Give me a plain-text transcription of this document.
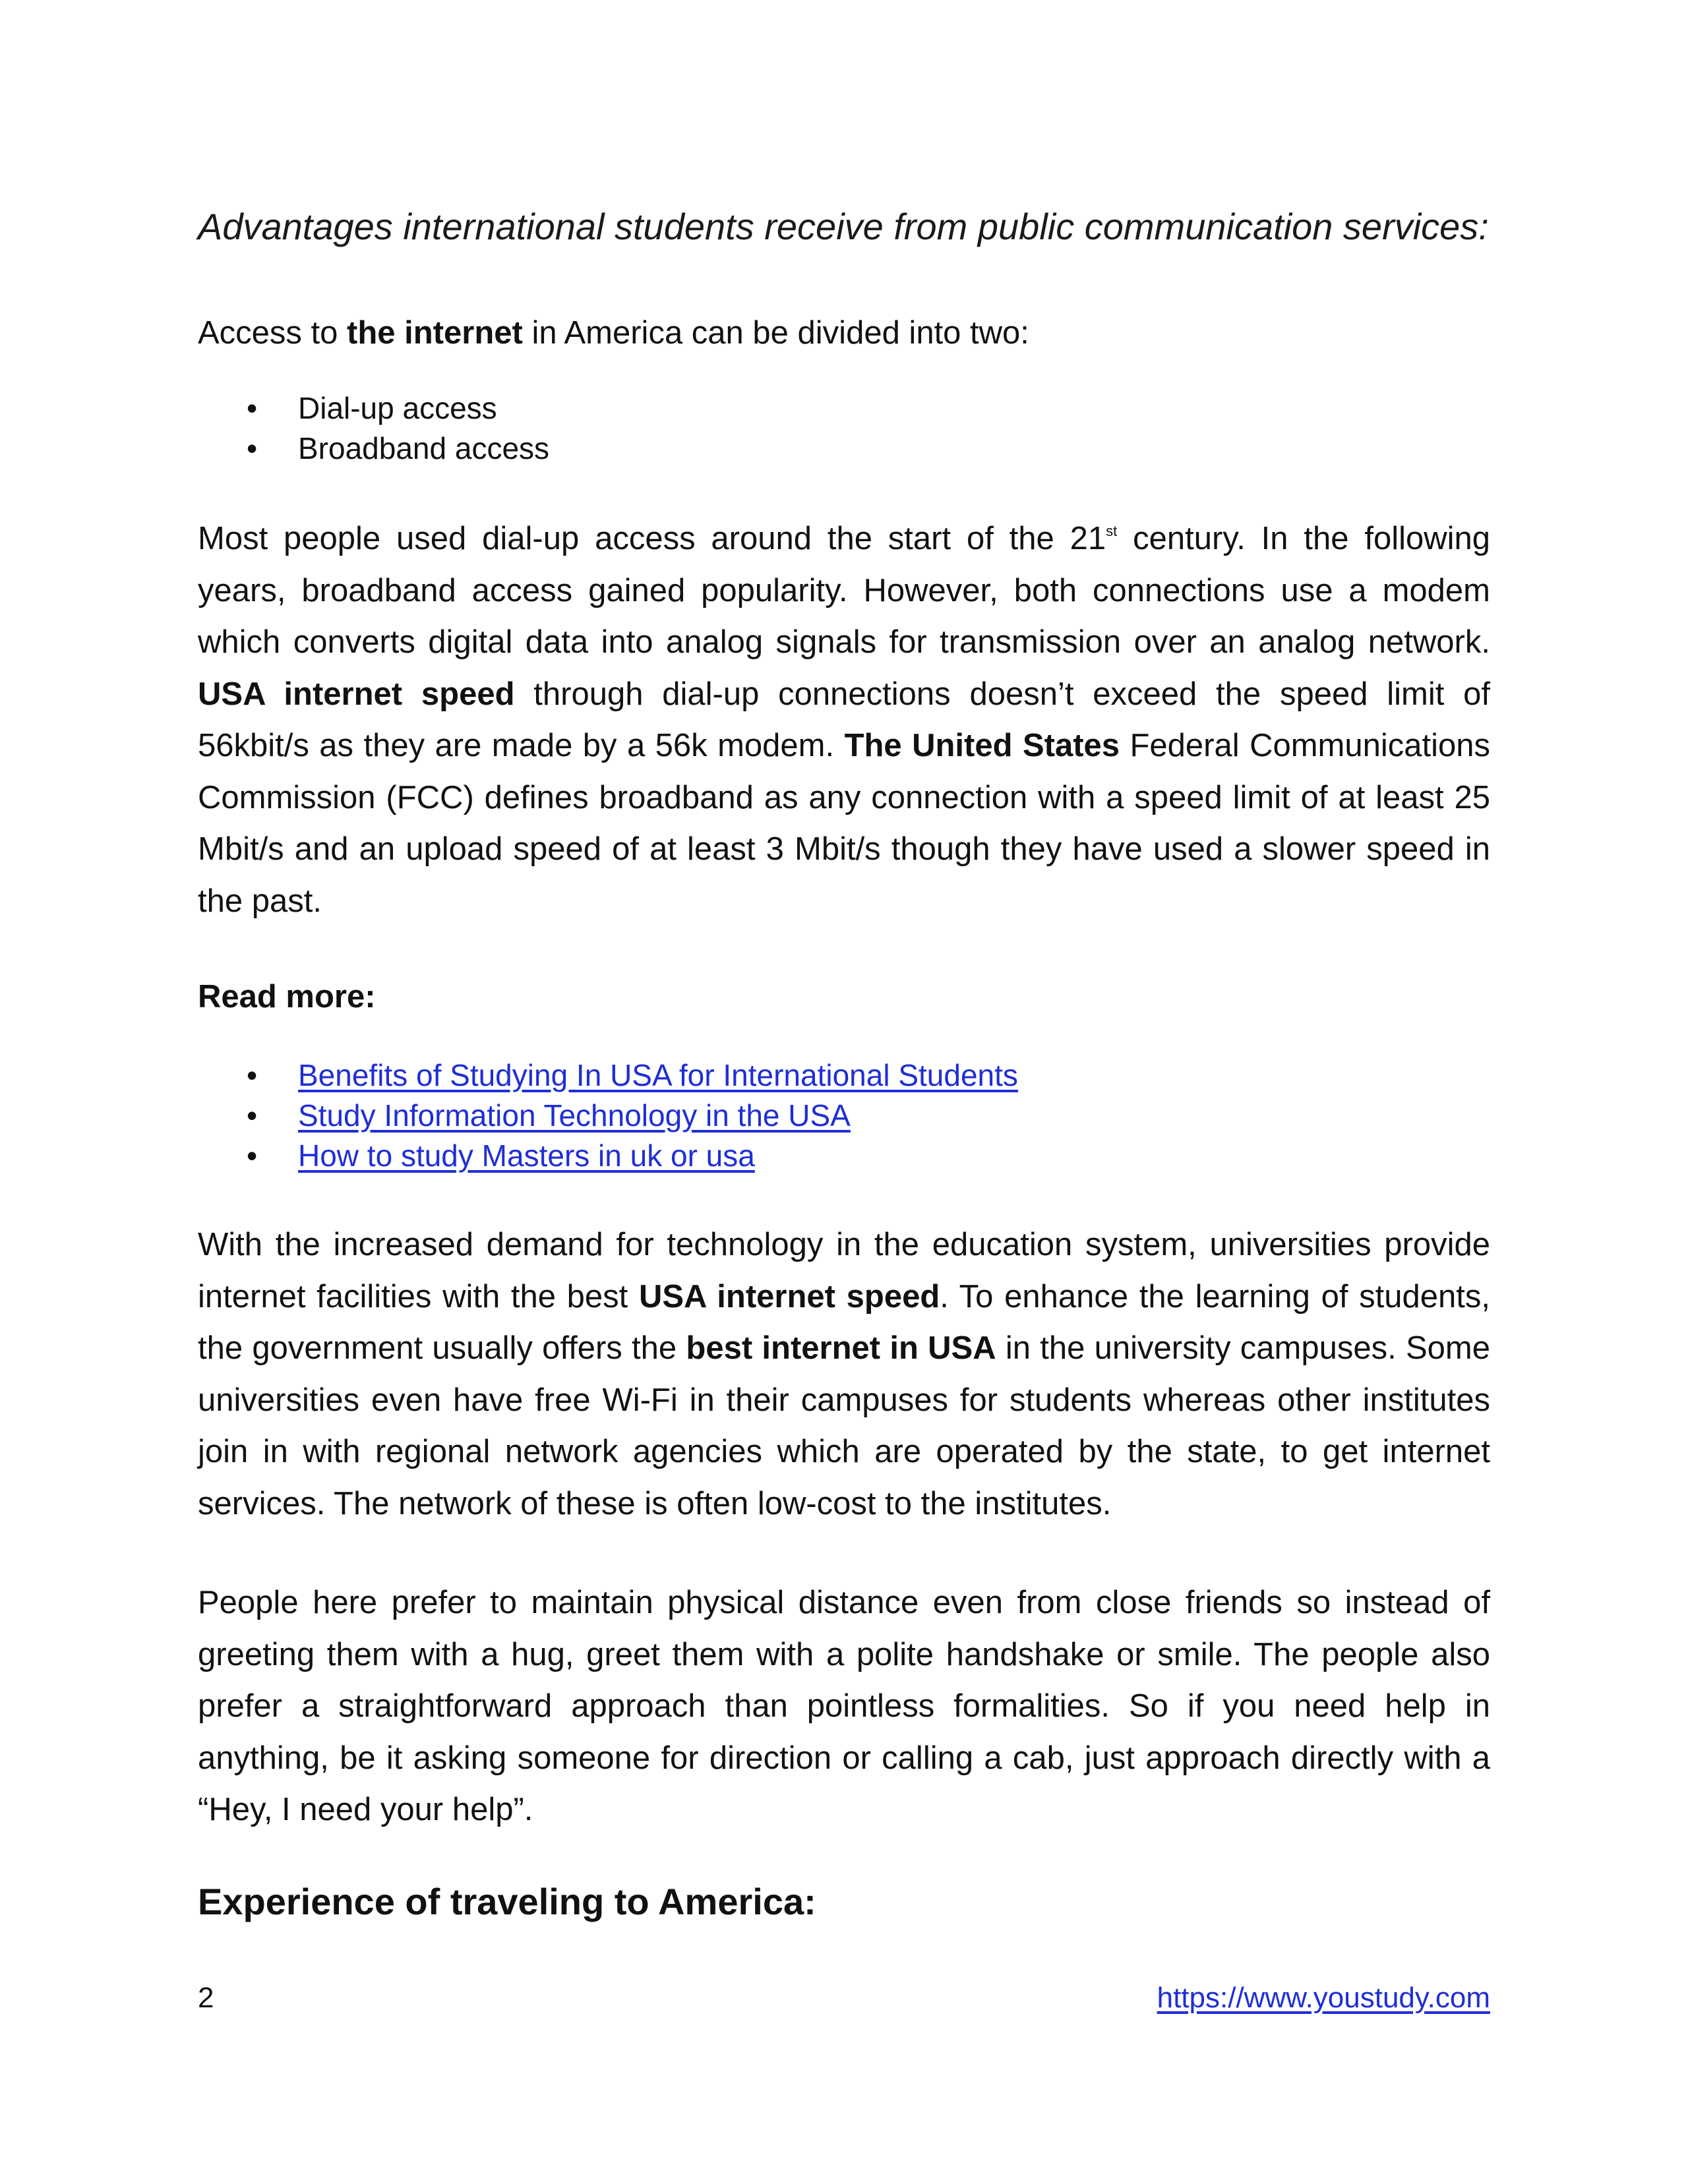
Advantages international students receive from public communication services:

Access to the internet in America can be divided into two:

• Dial-up access
• Broadband access

Most people used dial-up access around the start of the 21st century. In the following years, broadband access gained popularity. However, both connections use a modem which converts digital data into analog signals for transmission over an analog network. USA internet speed through dial-up connections doesn’t exceed the speed limit of 56kbit/s as they are made by a 56k modem. The United States Federal Communications Commission (FCC) defines broadband as any connection with a speed limit of at least 25 Mbit/s and an upload speed of at least 3 Mbit/s though they have used a slower speed in the past.

Read more:
• Benefits of Studying In USA for International Students
• Study Information Technology in the USA
• How to study Masters in uk or usa

With the increased demand for technology in the education system, universities provide internet facilities with the best USA internet speed. To enhance the learning of students, the government usually offers the best internet in USA in the university campuses. Some universities even have free Wi-Fi in their campuses for students whereas other institutes join in with regional network agencies which are operated by the state, to get internet services. The network of these is often low-cost to the institutes.

People here prefer to maintain physical distance even from close friends so instead of greeting them with a hug, greet them with a polite handshake or smile. The people also prefer a straightforward approach than pointless formalities. So if you need help in anything, be it asking someone for direction or calling a cab, just approach directly with a “Hey, I need your help”.

Experience of traveling to America:
2	https://www.youstudy.com
